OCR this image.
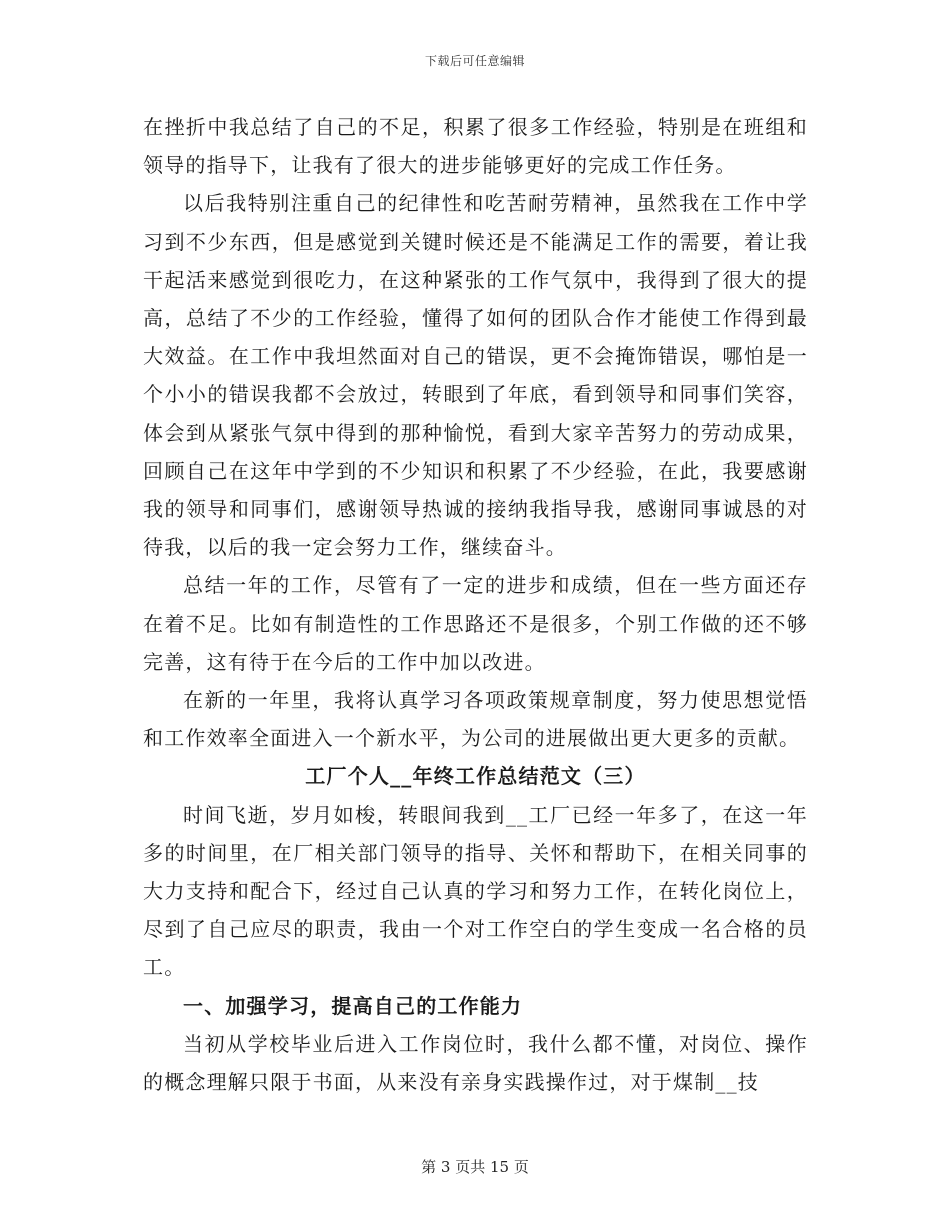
下载后可任意编辑

在挫折中我总结了自己的不足，积累了很多工作经验，特别是在班组和领导的指导下，让我有了很大的进步能够更好的完成工作任务。

以后我特别注重自己的纪律性和吃苦耐劳精神，虽然我在工作中学习到不少东西，但是感觉到关键时候还是不能满足工作的需要，着让我干起活来感觉到很吃力，在这种紧张的工作气氛中，我得到了很大的提高，总结了不少的工作经验，懂得了如何的团队合作才能使工作得到最大效益。在工作中我坦然面对自己的错误，更不会掩饰错误，哪怕是一个小小的错误我都不会放过，转眼到了年底，看到领导和同事们笑容，体会到从紧张气氛中得到的那种愉悦，看到大家辛苦努力的劳动成果，回顾自己在这年中学到的不少知识和积累了不少经验，在此，我要感谢我的领导和同事们，感谢领导热诚的接纳我指导我，感谢同事诚恳的对待我，以后的我一定会努力工作，继续奋斗。

总结一年的工作，尽管有了一定的进步和成绩，但在一些方面还存在着不足。比如有制造性的工作思路还不是很多，个别工作做的还不够完善，这有待于在今后的工作中加以改进。

在新的一年里，我将认真学习各项政策规章制度，努力使思想觉悟和工作效率全面进入一个新水平，为公司的进展做出更大更多的贡献。

工厂个人__年终工作总结范文（三）

时间飞逝，岁月如梭，转眼间我到__工厂已经一年多了，在这一年多的时间里，在厂相关部门领导的指导、关怀和帮助下，在相关同事的大力支持和配合下，经过自己认真的学习和努力工作，在转化岗位上，尽到了自己应尽的职责，我由一个对工作空白的学生变成一名合格的员工。

一、加强学习，提高自己的工作能力

当初从学校毕业后进入工作岗位时，我什么都不懂，对岗位、操作的概念理解只限于书面，从来没有亲身实践操作过，对于煤制__技

第 3 页共 15 页
